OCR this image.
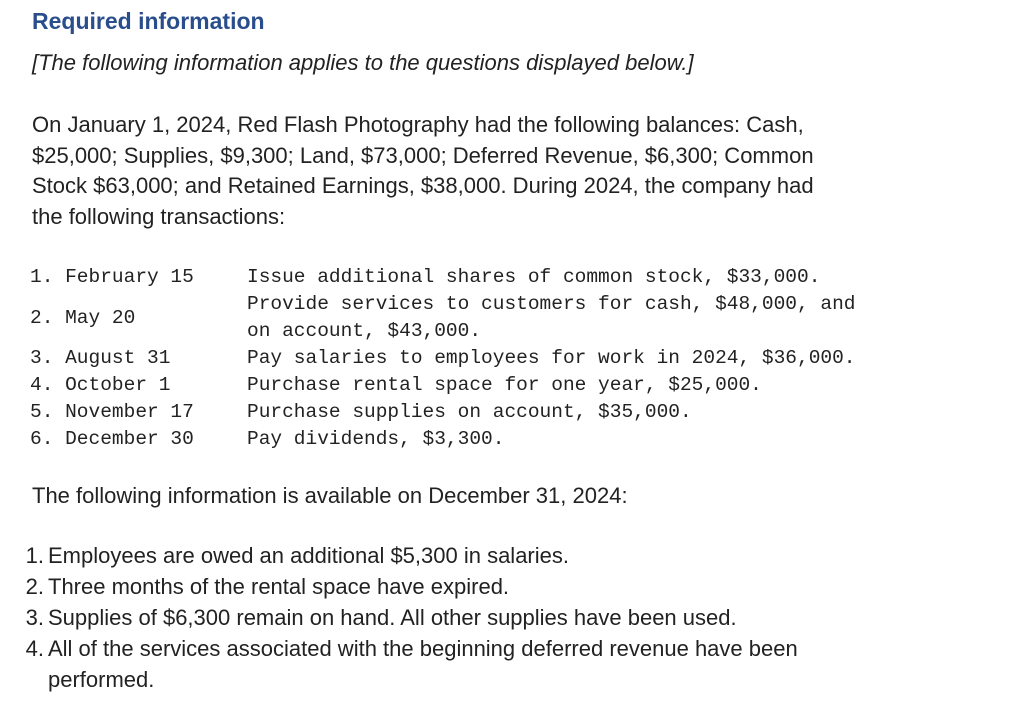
Required information

[The following information applies to the questions displayed below.]

On January 1, 2024, Red Flash Photography had the following balances: Cash,
$25,000; Supplies, $9,300; Land, $73,000; Deferred Revenue, $6,300; Common
Stock $63,000; and Retained Earnings, $38,000. During 2024, the company had
the following transactions:

1. February 15	Issue additional shares of common stock, $33,000.

2. May 20	Provide services to customers for cash, $48,000, and
on account, $43,000.

3. August 31	Pay salaries to employees for work in 2024, $36,000.

4. October 1	Purchase rental space for one year, $25,000.

5. November 17	Purchase supplies on account, $35,000.

6. December 30	Pay dividends, $3,300.

The following information is available on December 31, 2024:

1. Employees are owed an additional $5,300 in salaries.
2. Three months of the rental space have expired.
3. Supplies of $6,300 remain on hand. All other supplies have been used.
4. All of the services associated with the beginning deferred revenue have been
performed.
